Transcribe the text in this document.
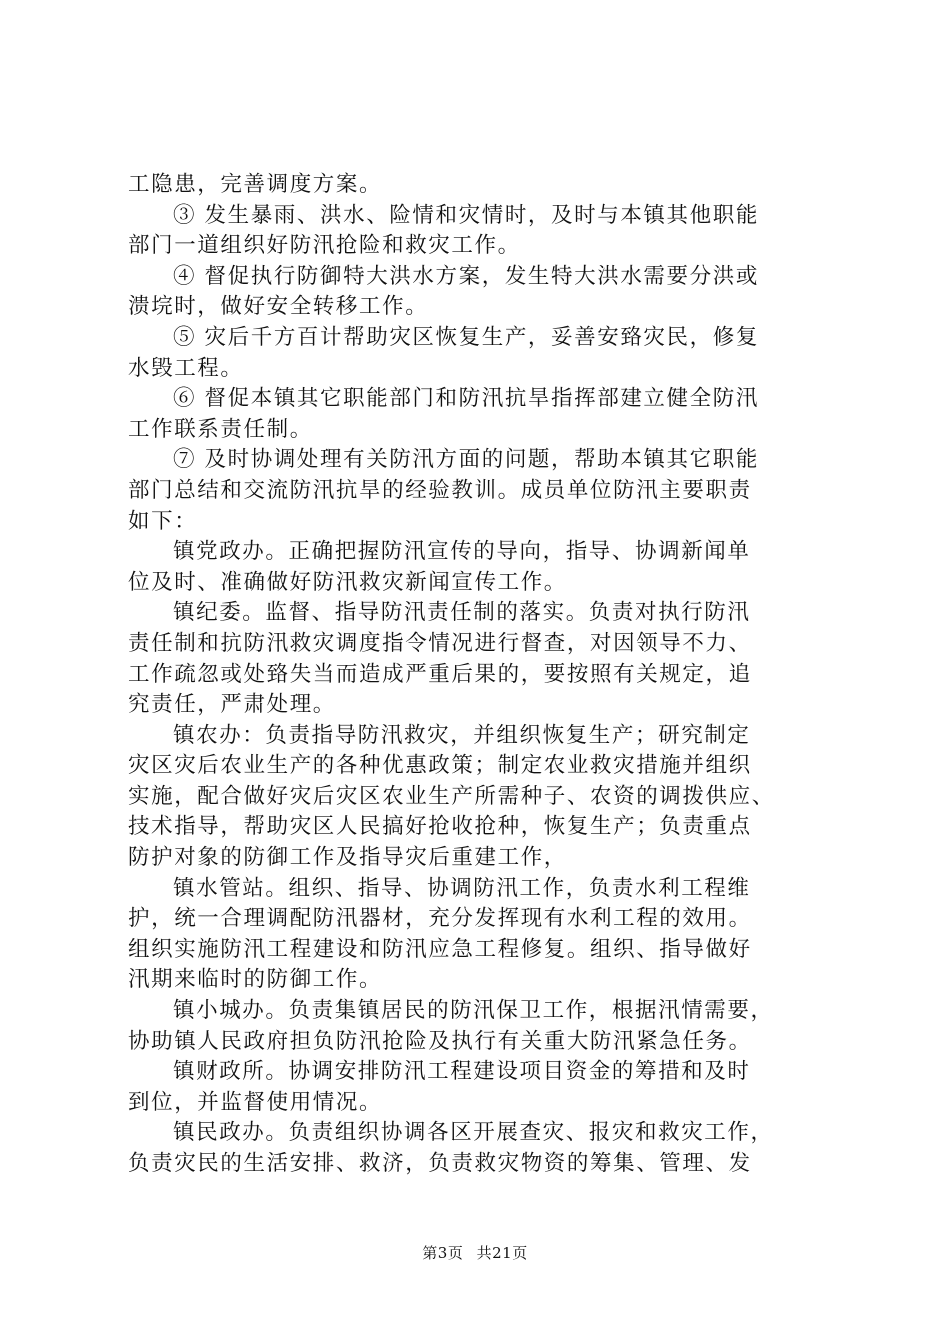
工隐患，完善调度方案。
③ 发生暴雨、洪水、险情和灾情时，及时与本镇其他职能
部门一道组织好防汛抢险和救灾工作。
④ 督促执行防御特大洪水方案，发生特大洪水需要分洪或
溃垸时，做好安全转移工作。
⑤ 灾后千方百计帮助灾区恢复生产，妥善安臵灾民，修复
水毁工程。
⑥ 督促本镇其它职能部门和防汛抗旱指挥部建立健全防汛
工作联系责任制。
⑦ 及时协调处理有关防汛方面的问题，帮助本镇其它职能
部门总结和交流防汛抗旱的经验教训。成员单位防汛主要职责
如下：
镇党政办。正确把握防汛宣传的导向，指导、协调新闻单
位及时、准确做好防汛救灾新闻宣传工作。
镇纪委。监督、指导防汛责任制的落实。负责对执行防汛
责任制和抗防汛救灾调度指令情况进行督查，对因领导不力、
工作疏忽或处臵失当而造成严重后果的，要按照有关规定，追
究责任，严肃处理。
镇农办：负责指导防汛救灾，并组织恢复生产；研究制定
灾区灾后农业生产的各种优惠政策；制定农业救灾措施并组织
实施，配合做好灾后灾区农业生产所需种子、农资的调拨供应、
技术指导，帮助灾区人民搞好抢收抢种，恢复生产；负责重点
防护对象的防御工作及指导灾后重建工作，
镇水管站。组织、指导、协调防汛工作，负责水利工程维
护，统一合理调配防汛器材，充分发挥现有水利工程的效用。
组织实施防汛工程建设和防汛应急工程修复。组织、指导做好
汛期来临时的防御工作。
镇小城办。负责集镇居民的防汛保卫工作，根据汛情需要，
协助镇人民政府担负防汛抢险及执行有关重大防汛紧急任务。
镇财政所。协调安排防汛工程建设项目资金的筹措和及时
到位，并监督使用情况。
镇民政办。负责组织协调各区开展查灾、报灾和救灾工作，
负责灾民的生活安排、救济，负责救灾物资的筹集、管理、发
第3页 共21页
